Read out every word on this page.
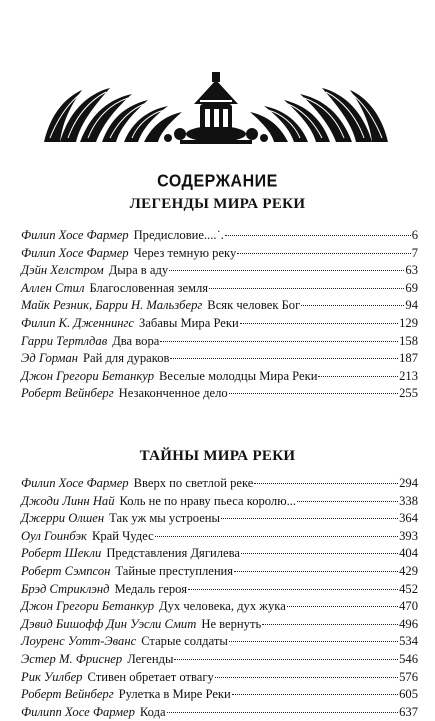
СОДЕРЖАНИЕ
ЛЕГЕНДЫ МИРА РЕКИ
Филип Хосе Фармер Предисловие....˙.	6
Филип Хосе Фармер Через темную реку	7
Дэйн Хелстром Дыра в аду	63
Аллен Стил Благословенная земля	69
Майк Резник, Барри Н. Мальзберг Всяк человек Бог	94
Филип К. Дженнингс Забавы Мира Реки	129
Гарри Тертлдав Два вора	158
Эд Горман Рай для дураков	187
Джон Грегори Бетанкур Веселые молодцы Мира Реки	213
Роберт Вейнберг Незаконченное дело	255
ТАЙНЫ МИРА РЕКИ
Филип Хосе Фармер Вверх по светлой реке	294
Джоди Линн Най Коль не по нраву пьеса королю...	338
Джерри Олшен Так уж мы устроены	364
Оул Гоинбэк Край Чудес	393
Роберт Шекли Представления Дягилева	404
Роберт Сэмпсон Тайные преступления	429
Брэд Стриклэнд Медаль героя	452
Джон Грегори Бетанкур Дух человека, дух жука	470
Дэвид Бишофф Дин Уэсли Смит Не вернуть	496
Лоуренс Уотт-Эванс Старые солдаты	534
Эстер М. Фриснер Легенды	546
Рик Уилбер Стивен обретает отвагу	576
Роберт Вейнберг Рулетка в Мире Реки	605
Филипп Хосе Фармер Кода	637
